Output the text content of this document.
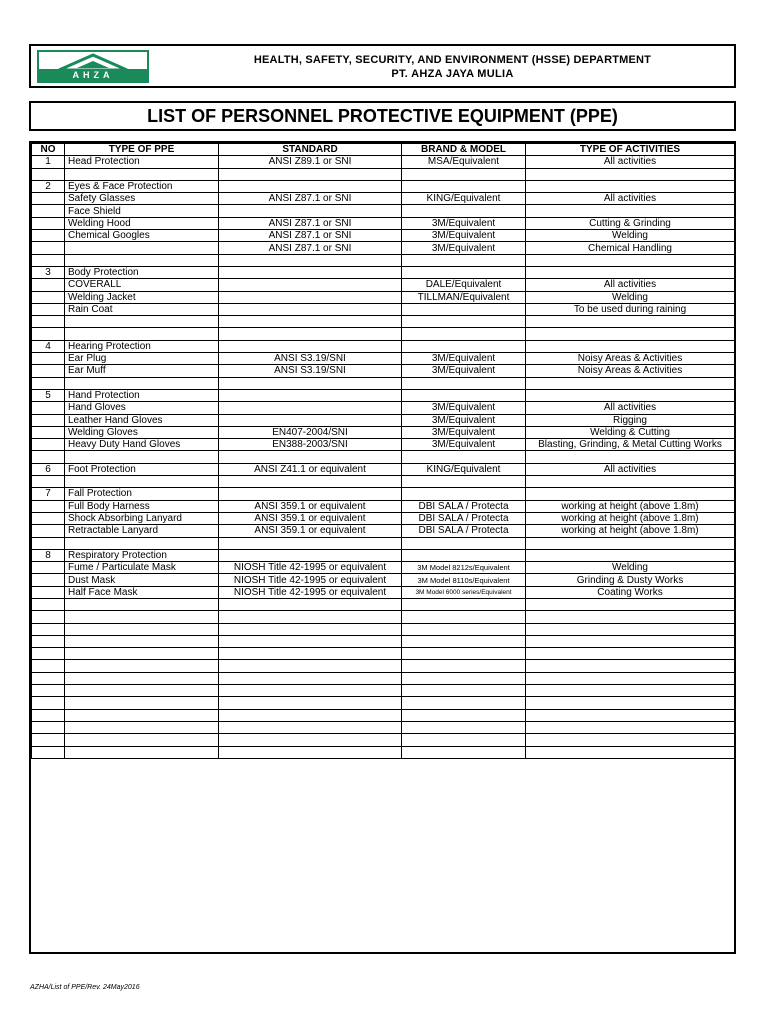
AHZA
HEALTH, SAFETY, SECURITY, AND ENVIRONMENT (HSSE) DEPARTMENT
PT. AHZA JAYA MULIA
LIST OF PERSONNEL PROTECTIVE EQUIPMENT (PPE)
NO	TYPE OF PPE	STANDARD	BRAND & MODEL	TYPE OF ACTIVITIES
1	Head Protection	ANSI Z89.1 or SNI	MSA/Equivalent	All activities

2	Eyes & Face Protection			
	Safety Glasses	ANSI Z87.1 or SNI	KING/Equivalent	All activities
	Face Shield			
	Welding Hood	ANSI Z87.1 or SNI	3M/Equivalent	Cutting & Grinding
	Chemical Googles	ANSI Z87.1 or SNI	3M/Equivalent	Welding
		ANSI Z87.1 or SNI	3M/Equivalent	Chemical Handling

3	Body Protection			
	COVERALL		DALE/Equivalent	All activities
	Welding Jacket		TILLMAN/Equivalent	Welding
	Rain Coat			To be used during raining

4	Hearing Protection			
	Ear Plug	ANSI S3.19/SNI	3M/Equivalent	Noisy Areas & Activities
	Ear Muff	ANSI S3.19/SNI	3M/Equivalent	Noisy Areas & Activities

5	Hand Protection			
	Hand Gloves		3M/Equivalent	All activities
	Leather Hand Gloves		3M/Equivalent	Rigging
	Welding Gloves	EN407-2004/SNI	3M/Equivalent	Welding & Cutting
	Heavy Duty Hand Gloves	EN388-2003/SNI	3M/Equivalent	Blasting, Grinding, & Metal Cutting Works

6	Foot Protection	ANSI Z41.1 or equivalent	KING/Equivalent	All activities

7	Fall Protection			
	Full Body Harness	ANSI 359.1 or equivalent	DBI SALA / Protecta	working at height (above 1.8m)
	Shock Absorbing Lanyard	ANSI 359.1 or equivalent	DBI SALA / Protecta	working at height (above 1.8m)
	Retractable Lanyard	ANSI 359.1 or equivalent	DBI SALA / Protecta	working at height (above 1.8m)

8	Respiratory Protection			
	Fume / Particulate Mask	NIOSH Title 42-1995 or equivalent	3M Model 8212s/Equivalent	Welding
	Dust Mask	NIOSH Title 42-1995 or equivalent	3M Model 8110s/Equivalent	Grinding & Dusty Works
	Half Face Mask	NIOSH Title 42-1995 or equivalent	3M Model 6000 series/Equivalent	Coating Works

AZHA/List of PPE/Rev. 24May2016
